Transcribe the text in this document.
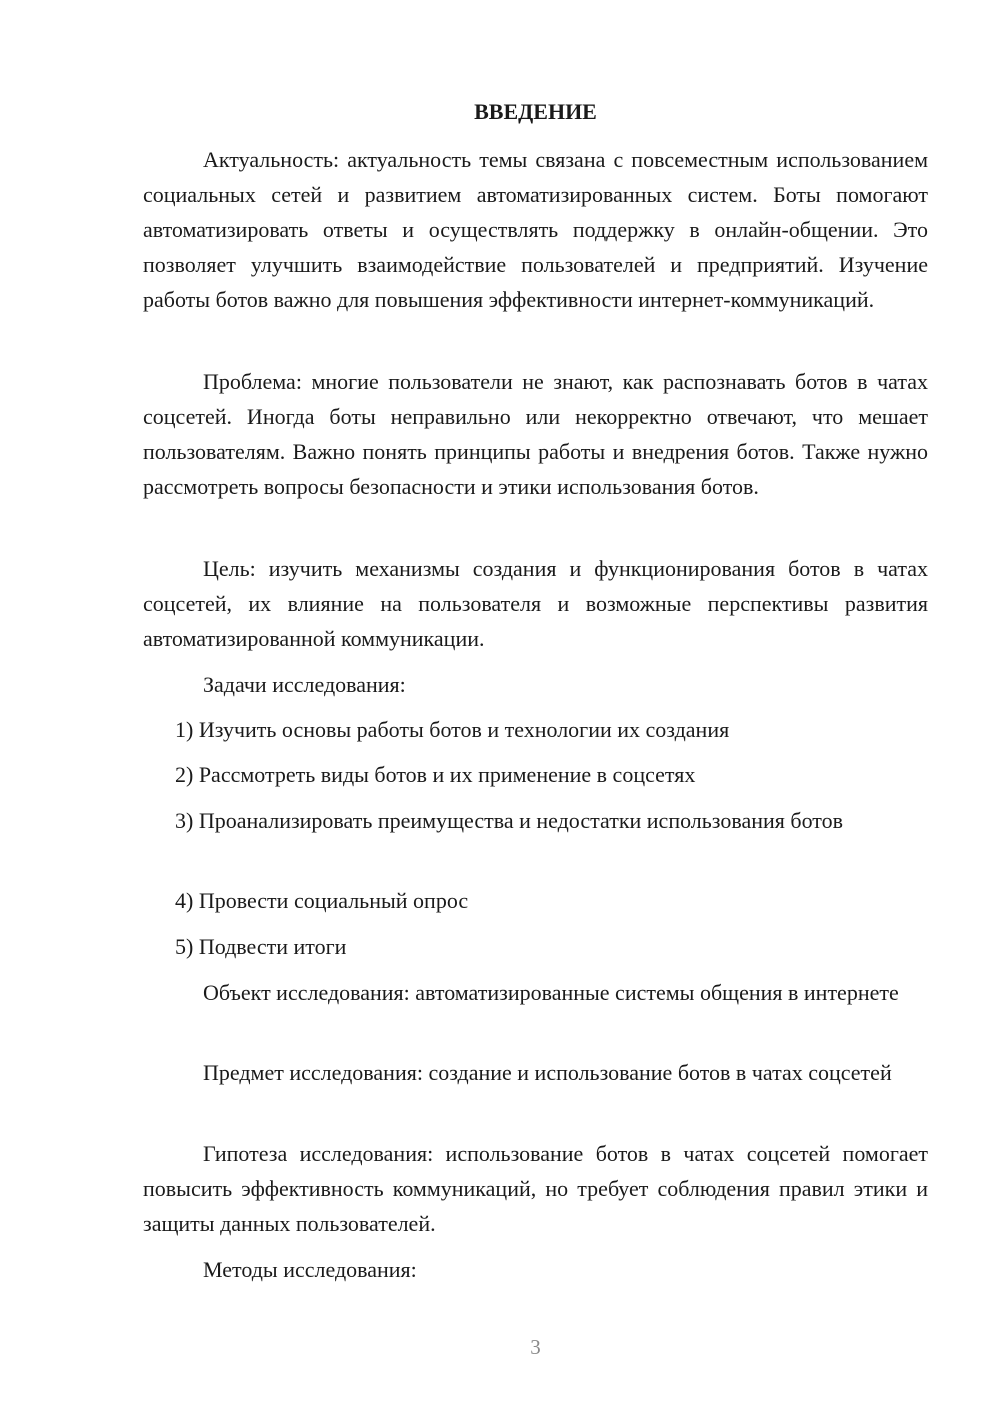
ВВЕДЕНИЕ

Актуальность: актуальность темы связана с повсеместным использованием социальных сетей и развитием автоматизированных систем. Боты помогают автоматизировать ответы и осуществлять поддержку в онлайн-общении. Это позволяет улучшить взаимодействие пользователей и предприятий. Изучение работы ботов важно для повышения эффективности интернет-коммуникаций.

Проблема: многие пользователи не знают, как распознавать ботов в чатах соцсетей. Иногда боты неправильно или некорректно отвечают, что мешает пользователям. Важно понять принципы работы и внедрения ботов. Также нужно рассмотреть вопросы безопасности и этики использования ботов.

Цель: изучить механизмы создания и функционирования ботов в чатах соцсетей, их влияние на пользователя и возможные перспективы развития автоматизированной коммуникации.

Задачи исследования:

1) Изучить основы работы ботов и технологии их создания

2) Рассмотреть виды ботов и их применение в соцсетях

3) Проанализировать преимущества и недостатки использования ботов

4) Провести социальный опрос

5) Подвести итоги

Объект исследования: автоматизированные системы общения в интернете

Предмет исследования: создание и использование ботов в чатах соцсетей

Гипотеза исследования: использование ботов в чатах соцсетей помогает повысить эффективность коммуникаций, но требует соблюдения правил этики и защиты данных пользователей.

Методы исследования:

3
